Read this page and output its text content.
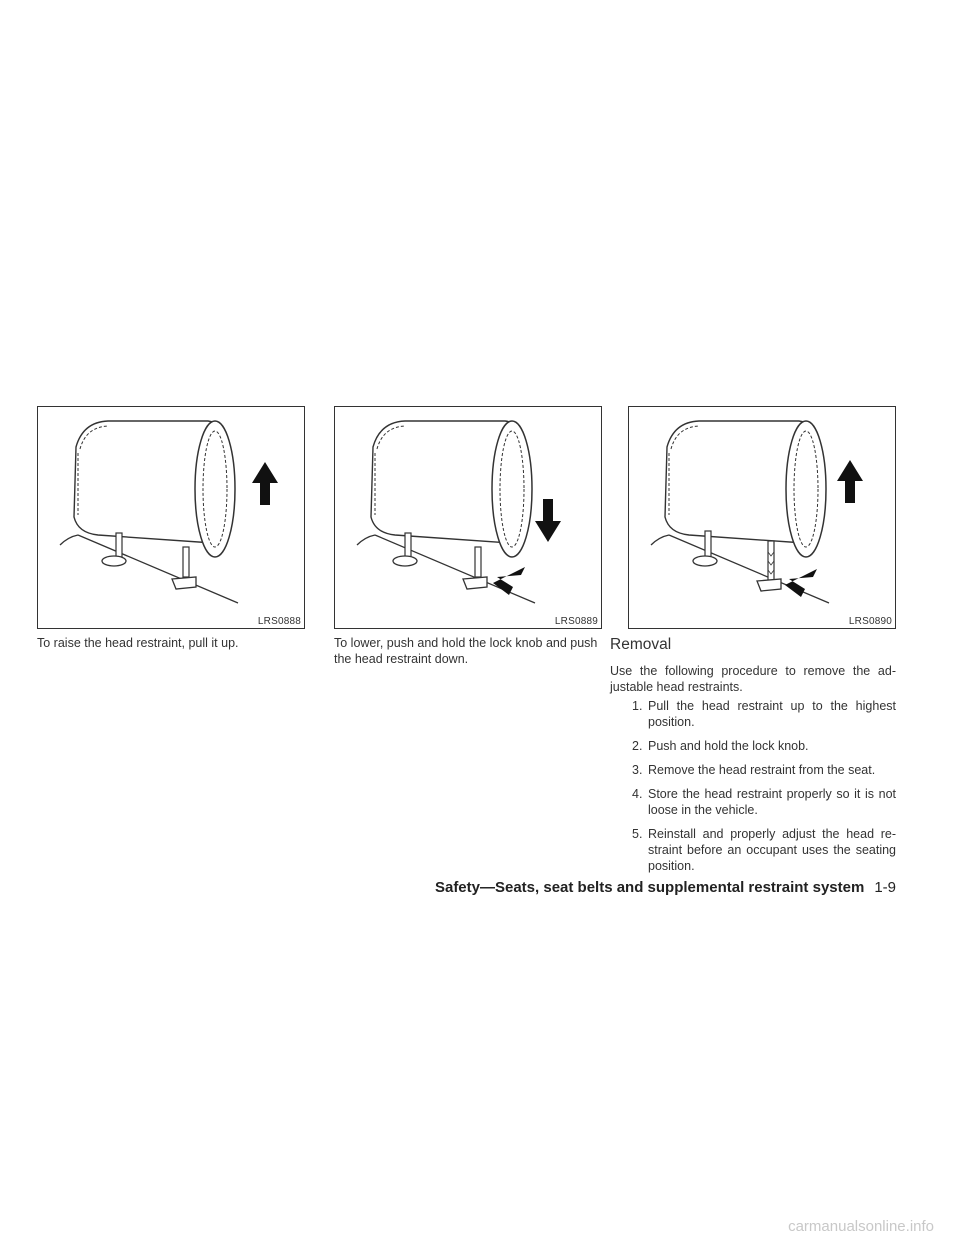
LRS0888	LRS0889	LRS0890
To raise the head restraint, pull it up.	To lower, push and hold the lock knob and push
the head restraint down.
Removal
Use the following procedure to remove the ad- justable head restraints.
1. Pull the head restraint up to the highest position.
2. Push and hold the lock knob.
3. Remove the head restraint from the seat.
4. Store the head restraint properly so it is not loose in the vehicle.
5. Reinstall and properly adjust the head re- straint before an occupant uses the seating position.
Safety—Seats, seat belts and supplemental restraint system 1-9
carmanualsonline.info
